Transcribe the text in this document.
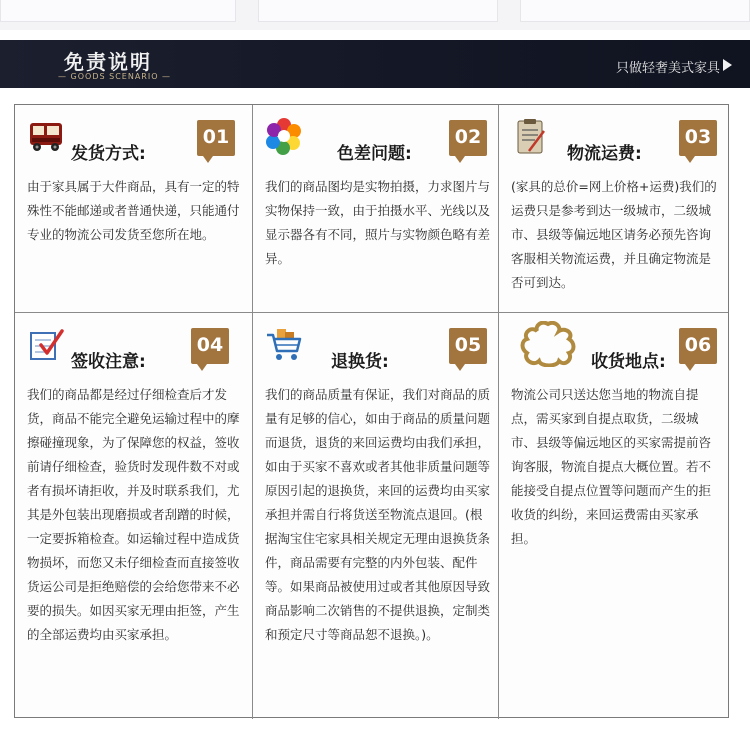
免责说明
— GOODS SCENARIO —
只做轻奢美式家具
发货方式:
01
由于家具属于大件商品，具有一定的特殊性不能邮递或者普通快递，只能通付专业的物流公司发货至您所在地。
色差问题:
02
我们的商品图均是实物拍摄，力求图片与实物保持一致，由于拍摄水平、光线以及显示器各有不同，照片与实物颜色略有差异。
物流运费:
03
(家具的总价=网上价格+运费)我们的运费只是参考到达一级城市，二级城市、县级等偏远地区请务必预先咨询客服相关物流运费，并且确定物流是否可到达。
签收注意:
04
我们的商品都是经过仔细检查后才发货，商品不能完全避免运输过程中的摩擦碰撞现象，为了保障您的权益，签收前请仔细检查，验货时发现件数不对或者有损坏请拒收，并及时联系我们，尤其是外包装出现磨损或者刮蹭的时候，一定要拆箱检查。如运输过程中造成货物损坏，而您又未仔细检查而直接签收货运公司是拒绝赔偿的会给您带来不必要的损失。如因买家无理由拒签，产生的全部运费均由买家承担。
退换货:
05
我们的商品质量有保证，我们对商品的质量有足够的信心，如由于商品的质量问题而退货，退货的来回运费均由我们承担，如由于买家不喜欢或者其他非质量问题等原因引起的退换货，来回的运费均由买家承担并需自行将货送至物流点退回。(根据淘宝住宅家具相关规定无理由退换货条件，商品需要有完整的内外包装、配件等。如果商品被使用过或者其他原因导致商品影响二次销售的不提供退换，定制类和预定尺寸等商品恕不退换。)。
收货地点:
06
物流公司只送达您当地的物流自提点，需买家到自提点取货，二级城市、县级等偏远地区的买家需提前咨询客服，物流自提点大概位置。若不能接受自提点位置等问题而产生的拒收货的纠纷，来回运费需由买家承担。
